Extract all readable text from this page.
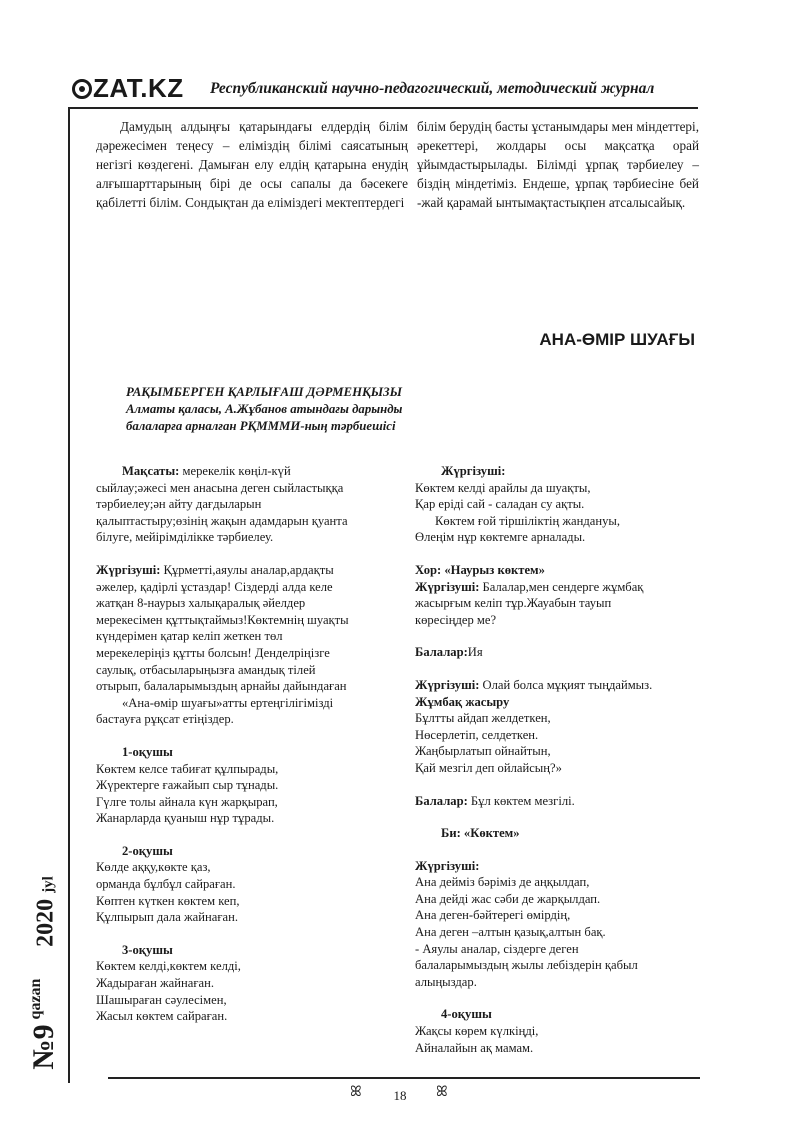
ZAT.KZ Республиканский научно-педагогический, методический журнал
2020 jyl
qazan
№9

Дамудың алдыңғы қатарындағы елдердің білім дәрежесімен теңесу – еліміздің білімі саясатының негізгі көздегені. Дамыған елу елдің қатарына енудің алғышарттарының бірі де осы сапалы да бәсекеге қабілетті білім. Сондықтан да еліміздегі мектептердегі

білім берудің басты ұстанымдары мен міндеттері, әрекеттері, жолдары осы мақсатқа орай ұйымдастырылады. Білімді ұрпақ тәрбиелеу – біздің міндетіміз. Ендеше, ұрпақ тәрбиесіне бей -жай қарамай ынтымақтастықпен атсалысайық.

АНА-ӨМІР ШУАҒЫ
РАҚЫМБЕРГЕН ҚАРЛЫҒАШ ДӘРМЕНҚЫЗЫ
Алматы қаласы, А.Жұбанов атындағы дарынды
балаларға арналған РҚМММИ-ның тәрбиешісі

Мақсаты: мерекелік көңіл-күй

сыйлау;әжесі мен анасына деген сыйластыққа

тәрбиелеу;ән айту дағдыларын

қалыптастыру;өзінің жақын адамдарын қуанта

білуге, мейірімділікке тәрбиелеу.

Жүргізуші: Құрметті,аяулы аналар,ардақты

әжелер, қадірлі ұстаздар! Сіздерді алда келе

жатқан 8-наурыз халықаралық әйелдер

мерекесімен құттықтаймыз!Көктемнің шуақты

күндерімен қатар келіп жеткен төл

мерекелеріңіз құтты болсын! Денделріңізге

саулық, отбасыларыңызға амандық тілей

отырып, балаларымыздың арнайы дайындаған

«Ана-өмір шуағы»атты ертеңгілігімізді

бастауға рұқсат етіңіздер.

1-оқушы

Көктем келсе табиғат құлпырады,

Жүректерге ғажайып сыр тұнады.

Гүлге толы айнала күн жарқырап,

Жанарларда қуаныш нұр тұрады.

2-оқушы

Көлде аққу,көкте қаз,

орманда бұлбұл сайраған.

Көптен күткен көктем кеп,

Құлпырып дала жайнаған.

3-оқушы

Көктем келді,көктем келді,

Жадыраған жайнаған.

Шашыраған сәулесімен,

Жасыл көктем сайраған.

Жүргізуші:

Көктем келді арайлы да шуақты,

Қар ерідi сай - саладан су ақты.

Көктем ғой тіршіліктің жандануы,

Өлеңім нұр көктемге арналады.

Хор: «Наурыз көктем»

Жүргізуші: Балалар,мен сендерге жұмбақ

жасырғым келіп тұр.Жауабын тауып

көресіңдер ме?

Балалар:Ия

Жүргізуші: Олай болса мұқият тыңдаймыз.

Жұмбақ жасыру

Бұлтты айдап желдеткен,

Нөсерлетіп, селдеткен.

Жаңбырлатып ойнайтын,

Қай мезгіл деп ойлайсың?»

Балалар: Бұл көктем мезгілі.

Би: «Көктем»

Жүргізуші:

Ана дейміз бәріміз де аңқылдап,

Ана дейді жас сәби де жарқылдап.

Ана деген-бәйтерегі өмірдің,

Ана деген –алтын қазық,алтын бақ.

- Аяулы аналар, сіздерге деген

балаларымыздың жылы лебіздерін қабыл

алыңыздар.

4-оқушы

Жақсы көрем күлкіңді,

Айналайын ақ мамам.

ꕤ	18	ꕤ
